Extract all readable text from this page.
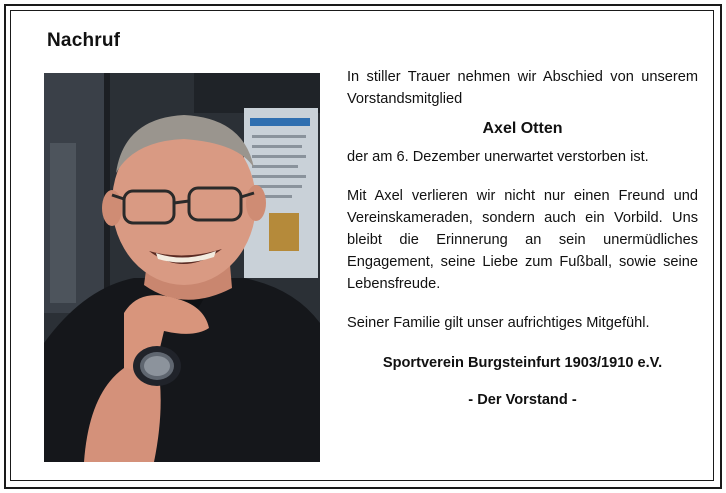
Nachruf

In stiller Trauer nehmen wir Abschied von unserem Vorstandsmitglied

Axel Otten

der am 6. Dezember unerwartet verstorben ist.

Mit Axel verlieren wir nicht nur einen Freund und Vereinskameraden, sondern auch ein Vorbild. Uns bleibt die Erinnerung an sein unermüdliches Engagement, seine Liebe zum Fußball, sowie seine Lebensfreude.

Seiner Familie gilt unser aufrichtiges Mitgefühl.

Sportverein Burgsteinfurt 1903/1910 e.V.

- Der Vorstand -
